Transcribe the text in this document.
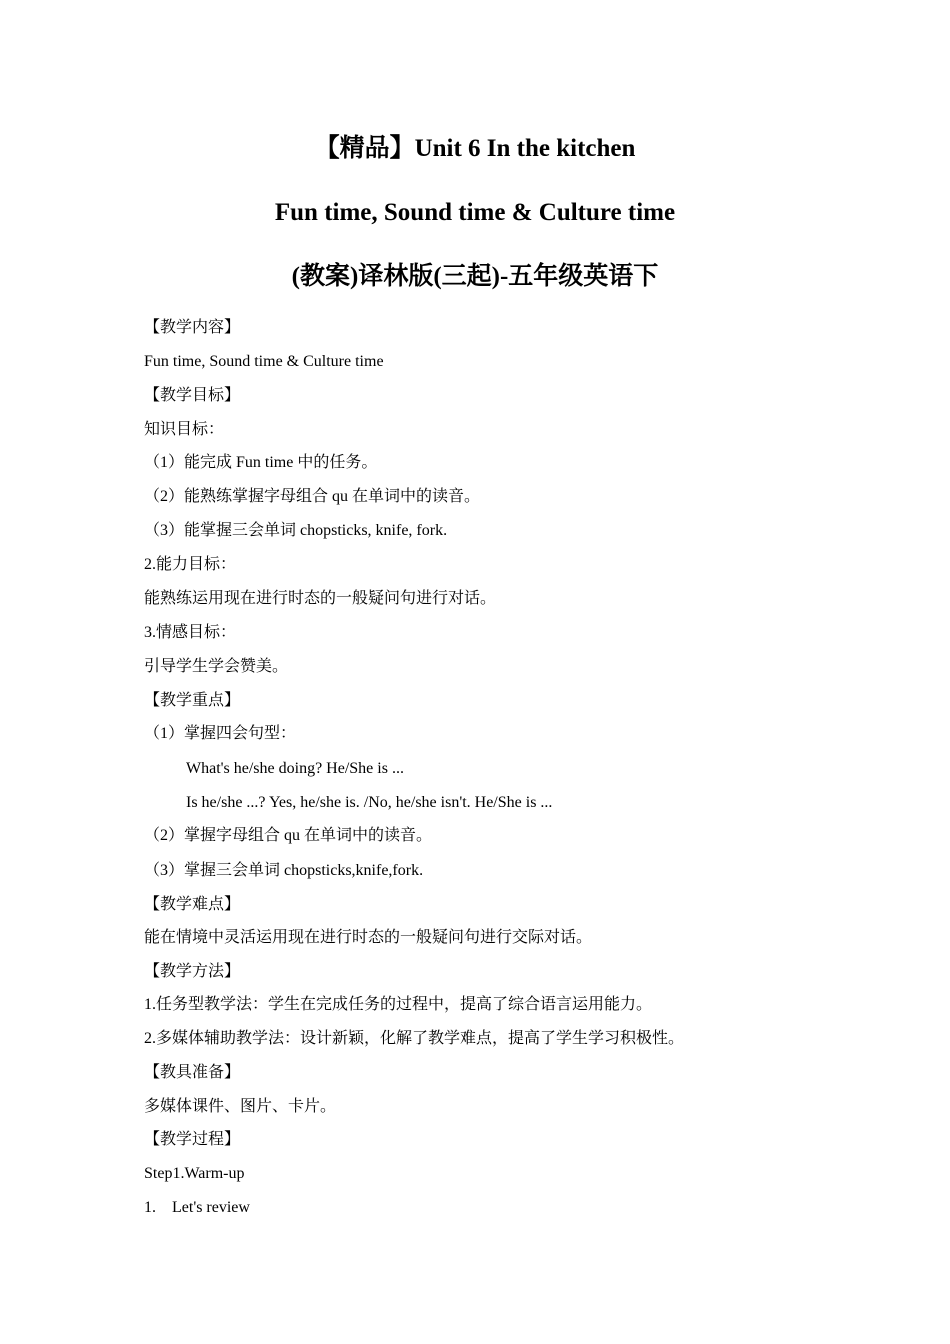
【精品】Unit 6 In the kitchen
Fun time, Sound time & Culture time
(教案)译林版(三起)-五年级英语下

【教学内容】

Fun time, Sound time & Culture time

【教学目标】

知识目标：

（1）能完成 Fun time 中的任务。

（2）能熟练掌握字母组合 qu 在单词中的读音。

（3）能掌握三会单词 chopsticks, knife, fork.

2.能力目标：

能熟练运用现在进行时态的一般疑问句进行对话。

3.情感目标：

引导学生学会赞美。

【教学重点】

（1）掌握四会句型：

What's he/she doing? He/She is ...

Is he/she ...? Yes, he/she is. /No, he/she isn't. He/She is ...

（2）掌握字母组合 qu 在单词中的读音。

（3）掌握三会单词 chopsticks,knife,fork.

【教学难点】

能在情境中灵活运用现在进行时态的一般疑问句进行交际对话。

【教学方法】

1.任务型教学法：学生在完成任务的过程中，提高了综合语言运用能力。

2.多媒体辅助教学法：设计新颖，化解了教学难点，提高了学生学习积极性。

【教具准备】

多媒体课件、图片、卡片。

【教学过程】

Step1.Warm-up

1.    Let's review
